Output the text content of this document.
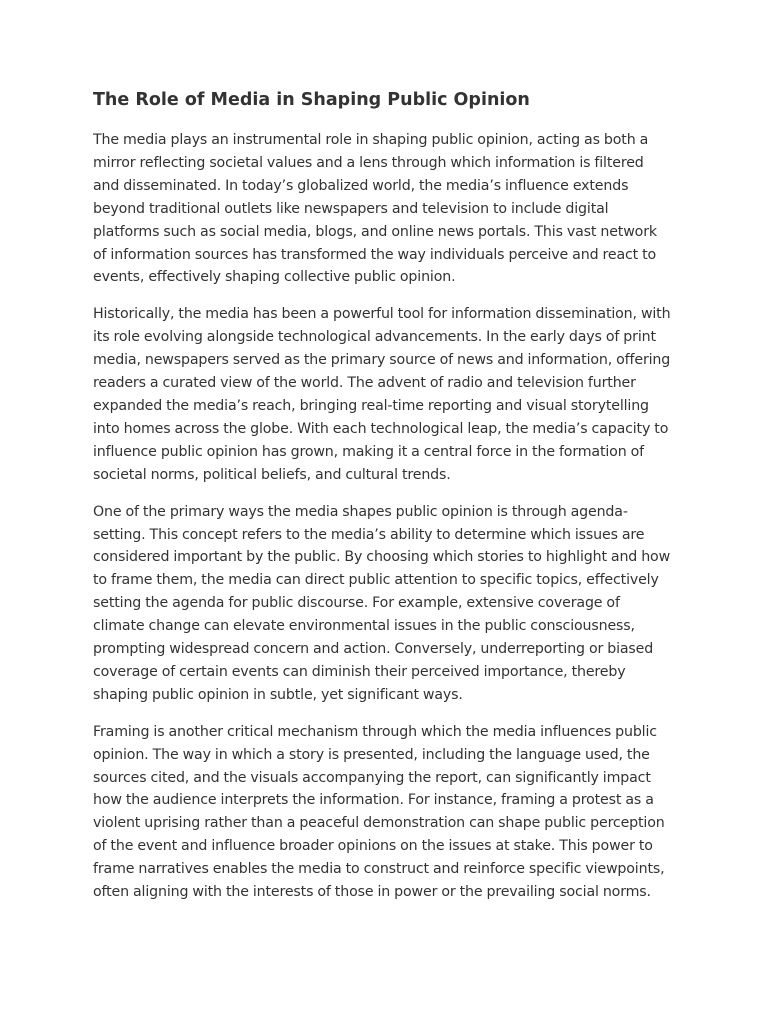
The Role of Media in Shaping Public Opinion

The media plays an instrumental role in shaping public opinion, acting as both a mirror reflecting societal values and a lens through which information is filtered and disseminated. In today’s globalized world, the media’s influence extends beyond traditional outlets like newspapers and television to include digital platforms such as social media, blogs, and online news portals. This vast network of information sources has transformed the way individuals perceive and react to events, effectively shaping collective public opinion.

Historically, the media has been a powerful tool for information dissemination, with its role evolving alongside technological advancements. In the early days of print media, newspapers served as the primary source of news and information, offering readers a curated view of the world. The advent of radio and television further expanded the media’s reach, bringing real-time reporting and visual storytelling into homes across the globe. With each technological leap, the media’s capacity to influence public opinion has grown, making it a central force in the formation of societal norms, political beliefs, and cultural trends.

One of the primary ways the media shapes public opinion is through agenda-setting. This concept refers to the media’s ability to determine which issues are considered important by the public. By choosing which stories to highlight and how to frame them, the media can direct public attention to specific topics, effectively setting the agenda for public discourse. For example, extensive coverage of climate change can elevate environmental issues in the public consciousness, prompting widespread concern and action. Conversely, underreporting or biased coverage of certain events can diminish their perceived importance, thereby shaping public opinion in subtle, yet significant ways.

Framing is another critical mechanism through which the media influences public opinion. The way in which a story is presented, including the language used, the sources cited, and the visuals accompanying the report, can significantly impact how the audience interprets the information. For instance, framing a protest as a violent uprising rather than a peaceful demonstration can shape public perception of the event and influence broader opinions on the issues at stake. This power to frame narratives enables the media to construct and reinforce specific viewpoints, often aligning with the interests of those in power or the prevailing social norms.
